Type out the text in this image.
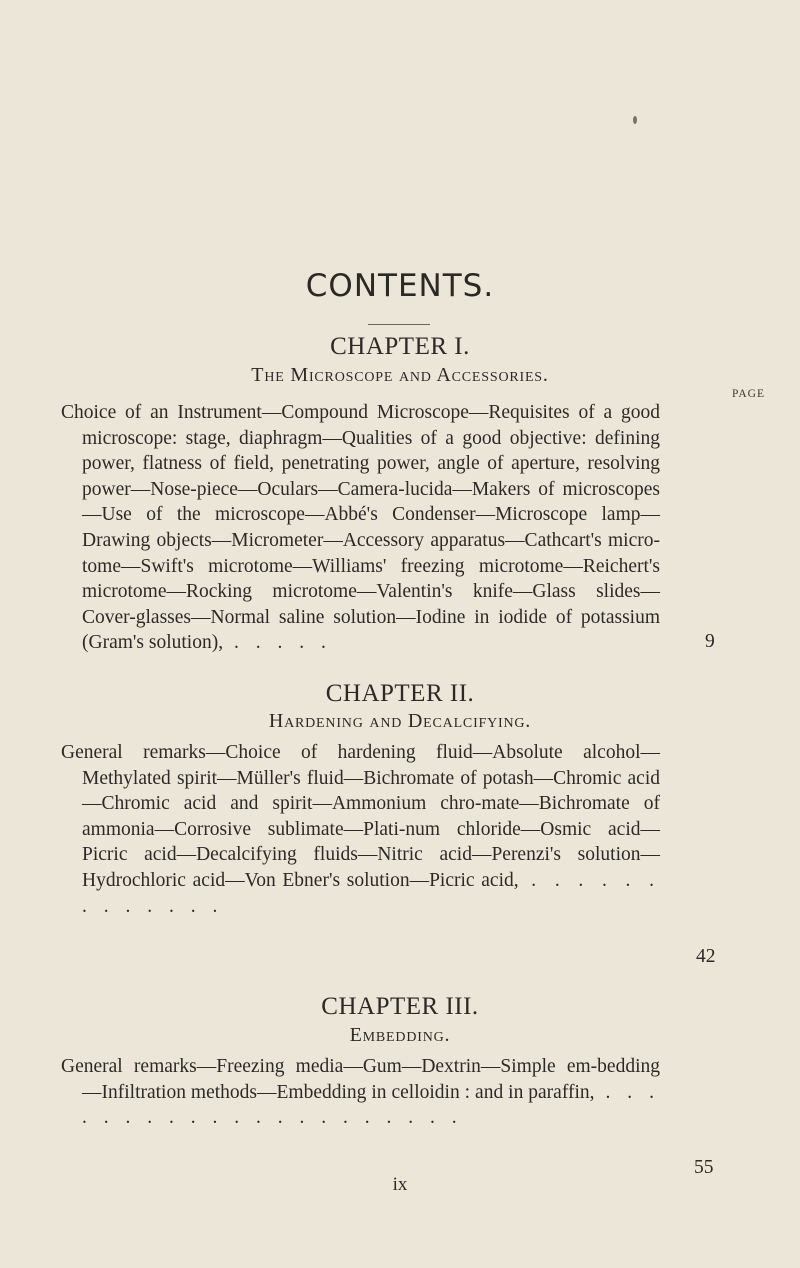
CONTENTS.
CHAPTER I.
The Microscope and Accessories.
PAGE
Choice of an Instrument—Compound Microscope—Requisites of a good microscope: stage, diaphragm—Qualities of a good objective: defining power, flatness of field, penetrating power, angle of aperture, resolving power—Nose-piece—Oculars—Camera-lucida—Makers of microscopes—Use of the microscope—Abbé's Condenser—Microscope lamp—Drawing objects—Micrometer—Accessory apparatus—Cathcart's micro-tome—Swift's microtome—Williams' freezing microtome—Reichert's microtome—Rocking microtome—Valentin's knife—Glass slides—Cover-glasses—Normal saline solution—Iodine in iodide of potassium (Gram's solution), . . . . .	9
CHAPTER II.
Hardening and Decalcifying.
General remarks—Choice of hardening fluid—Absolute alcohol—Methylated spirit—Müller's fluid—Bichromate of potash—Chromic acid—Chromic acid and spirit—Ammonium chro-mate—Bichromate of ammonia—Corrosive sublimate—Plati-num chloride—Osmic acid—Picric acid—Decalcifying fluids—Nitric acid—Perenzi's solution—Hydrochloric acid—Von Ebner's solution—Picric acid, . . . . . . . . . . . . .
42
CHAPTER III.
Embedding.
General remarks—Freezing media—Gum—Dextrin—Simple em-bedding—Infiltration methods—Embedding in celloidin : and in paraffin, . . . . . . . . . . . . . . . . . . . . .
55
ix
